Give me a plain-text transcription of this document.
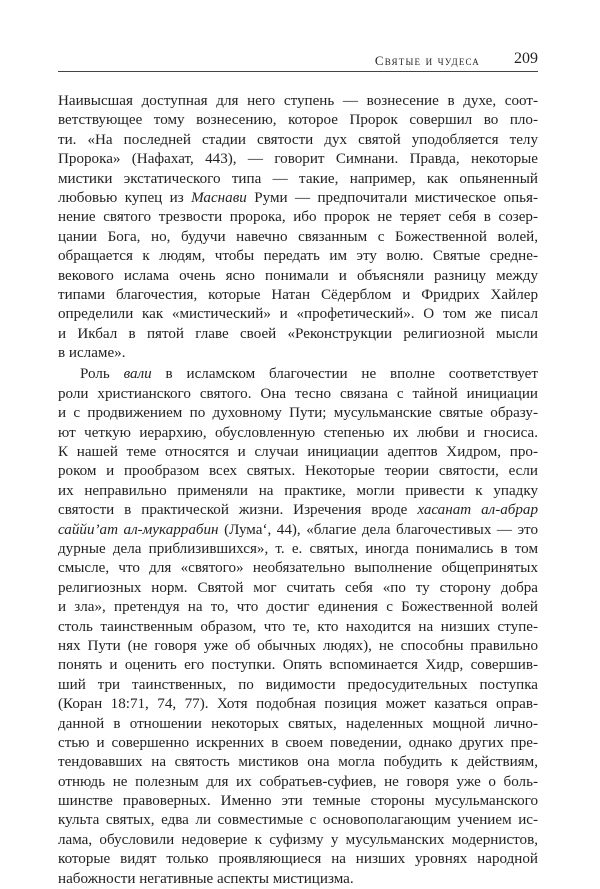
Святые и чудеса 209
Наивысшая доступная для него ступень — вознесение в духе, соот-
ветствующее тому вознесению, которое Пророк совершил во пло-
ти. «На последней стадии святости дух святой уподобляется телу
Пророка» (Нафахат, 443), — говорит Симнани. Правда, некоторые
мистики экстатического типа — такие, например, как опьяненный
любовью купец из Маснави Руми — предпочитали мистическое опья-
нение святого трезвости пророка, ибо пророк не теряет себя в созер-
цании Бога, но, будучи навечно связанным с Божественной волей,
обращается к людям, чтобы передать им эту волю. Святые средне-
векового ислама очень ясно понимали и объясняли разницу между
типами благочестия, которые Натан Сёдерблом и Фридрих Хайлер
определили как «мистический» и «профетический». О том же писал
и Икбал в пятой главе своей «Реконструкции религиозной мысли
в исламе».
Роль вали в исламском благочестии не вполне соответствует
роли христианского святого. Она тесно связана с тайной инициации
и с продвижением по духовному Пути; мусульманские святые образу-
ют четкую иерархию, обусловленную степенью их любви и гносиса.
К нашей теме относятся и случаи инициации адептов Хидром, про-
роком и прообразом всех святых. Некоторые теории святости, если
их неправильно применяли на практике, могли привести к упадку
святости в практической жизни. Изречения вроде хасанат ал-абрар
саййи’ат ал-мукаррабин (Лума‘, 44), «благие дела благочестивых — это
дурные дела приблизившихся», т. е. святых, иногда понимались в том
смысле, что для «святого» необязательно выполнение общепринятых
религиозных норм. Святой мог считать себя «по ту сторону добра
и зла», претендуя на то, что достиг единения с Божественной волей
столь таинственным образом, что те, кто находится на низших ступе-
нях Пути (не говоря уже об обычных людях), не способны правильно
понять и оценить его поступки. Опять вспоминается Хидр, совершив-
ший три таинственных, по видимости предосудительных поступка
(Коран 18:71, 74, 77). Хотя подобная позиция может казаться оправ-
данной в отношении некоторых святых, наделенных мощной лично-
стью и совершенно искренних в своем поведении, однако других пре-
тендовавших на святость мистиков она могла побудить к действиям,
отнюдь не полезным для их собратьев-суфиев, не говоря уже о боль-
шинстве правоверных. Именно эти темные стороны мусульманского
культа святых, едва ли совместимые с основополагающим учением ис-
лама, обусловили недоверие к суфизму у мусульманских модернистов,
которые видят только проявляющиеся на низших уровнях народной
набожности негативные аспекты мистицизма.
